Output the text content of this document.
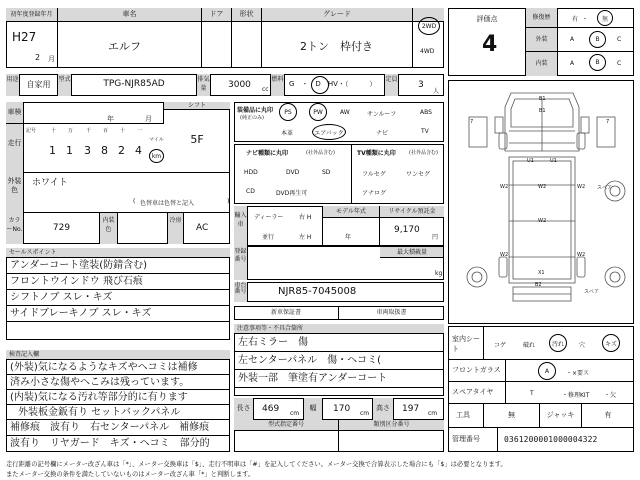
初年度登録年月
H27
2 月
車名
エルフ
ドア	形状	グレード
2トン　枠付き
2WD
4WD
用途
自家用
型式	TPG-NJR85AD	排気量	3000 cc
燃料
G　・　D　HV・（　　　）
定員
3
人
車検
年	月
シフト
5F
走行
記号	十 万	千 百 十 一
1 1 3 8 2 4
マイル
km
外装色
ホワイト
色替車は色替と記入
(	)
カラーNo.	729
内装色
冷房
AC
セールスポイント
アンダーコート塗装(防錆含む)
フロントウインドウ 飛び石痕
シフトノブ スレ・キズ
サイドブレーキノブ スレ・キズ
検査記入欄
(外装)気になるようなキズやヘコミは補修
済み小さな傷やへこみは残っています。
(内装)気になる汚れ等部分的に有ります
外装板金鈑有り セットバックパネル
補修痕　波有り　右センターパネル　補修痕
波有り　リヤガード　キズ・ヘコミ　部分的
装備品に丸印
(純正のみ)
PS	PW	AW	サンルーフ	ABS
本革	エアバック	ナビ	TV
ナビ種類に丸印	(社外品含む)
HDD	DVD	SD
CD	DVD再生可
TV種類に丸印	(社外品含む)
フルセグ	ワンセグ
アナログ
輸入車
ディーラー	右 H
並行	左 H
モデル年式
年
リサイクル預託金
9,170
円
最大積載量
登録番号
kg
車台番号	NJR85-7045008
新車保証書	車両取扱書
注意事項等・不具合箇所
左右ミラー　傷
左センターパネル　傷・ヘコミ(
外装一部　筆塗有アンダーコート
長さ	469 cm
幅	170 cm
高さ	197 cm
型式指定番号	類別区分番号
評価点
4
修復歴	有 ・ 無
外装	A	B	C
内装	A	B	C
B1
B1
7	7
U1	U1
W2	W2	W2
W2
W2	W2
X1
B2
スペア
スペア
室内シート	コゲ	破れ	汚れ	穴	キズ
フロントガラス	A	・×要ス
スペアタイヤ	T	・修理KIT ・欠
工具	無	ジャッキ	有
管理番号	0361200001000004322
走行距離の記号欄にメーター改ざん車は「*」、メーター交換車は「$」、走行不明車は「#」を記入してください。メーター交換で合算表示した場合にも「$」は必要となります。
またメーター交換の条件を満たしていないものはメーター改ざん車「*」と判断します。
